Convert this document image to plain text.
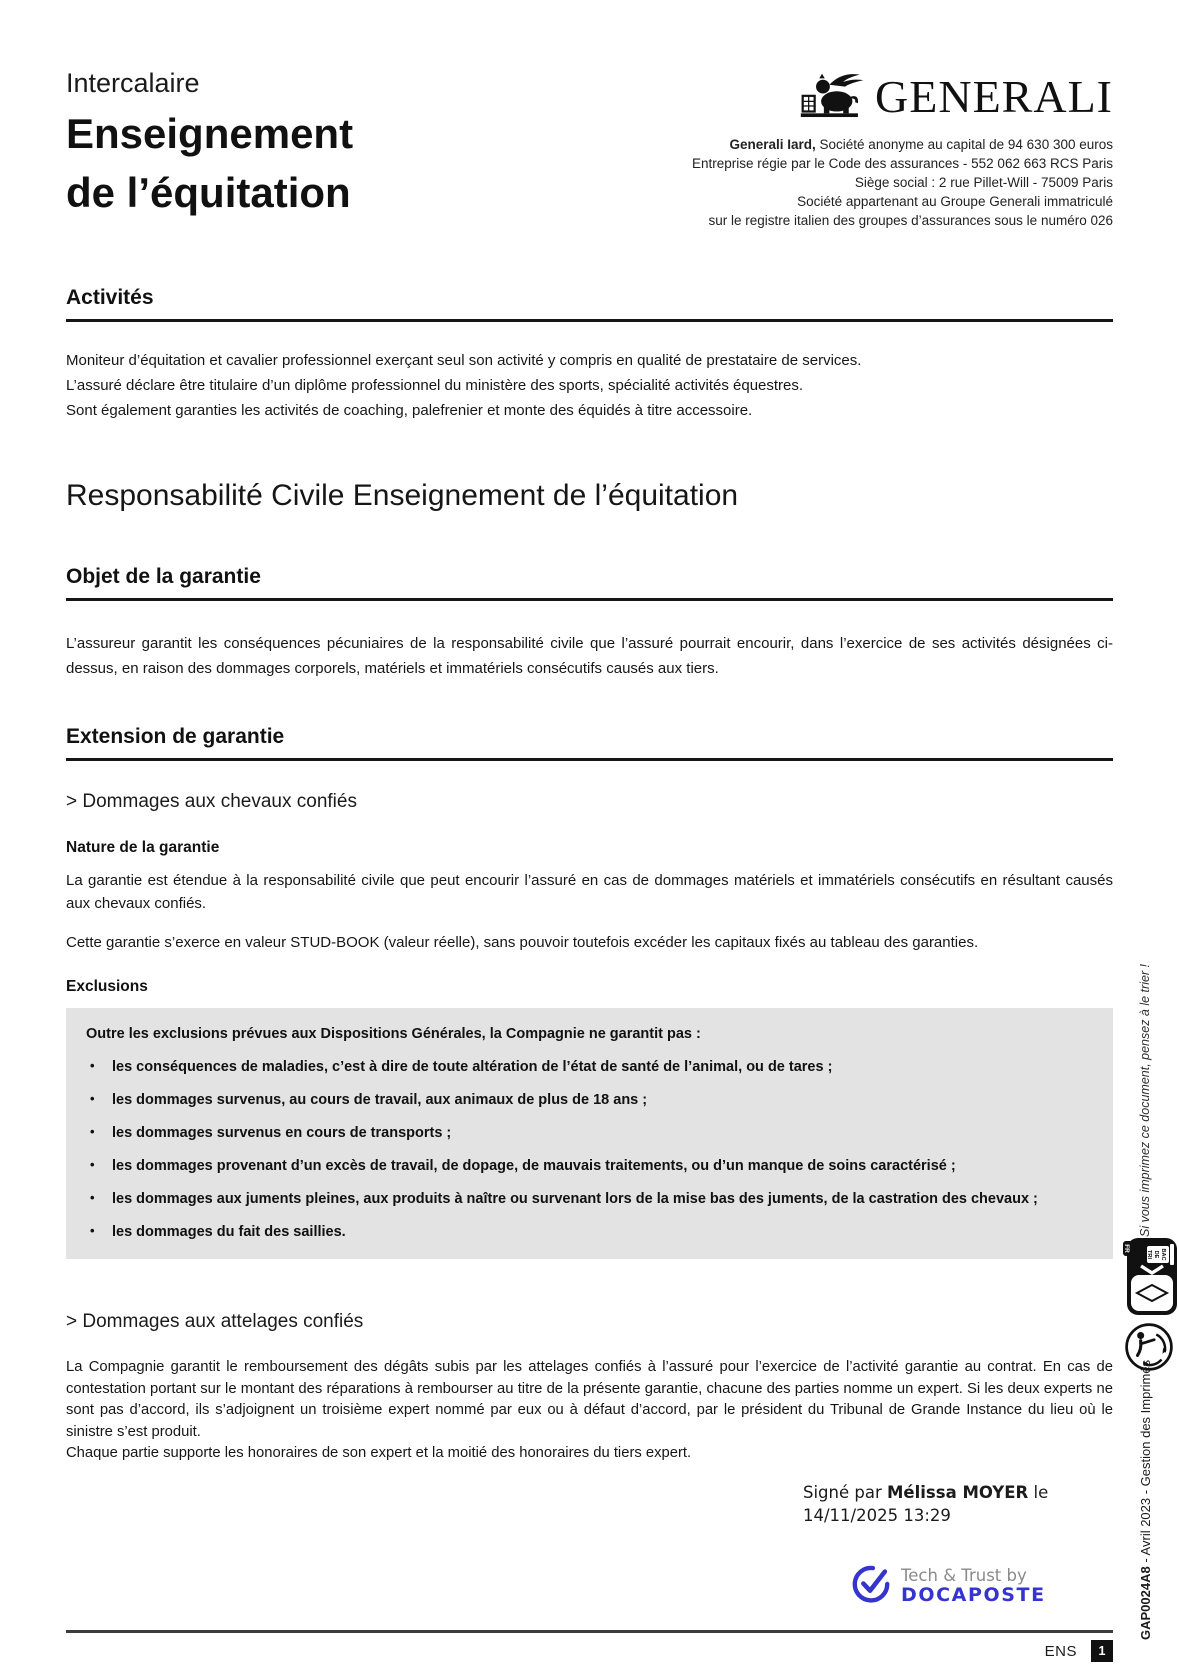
Intercalaire
Enseignement
de l’équitation
GENERALI
Generali Iard, Société anonyme au capital de 94 630 300 euros
Entreprise régie par le Code des assurances - 552 062 663 RCS Paris
Siège social : 2 rue Pillet-Will - 75009 Paris
Société appartenant au Groupe Generali immatriculé
sur le registre italien des groupes d’assurances sous le numéro 026
Activités
Moniteur d’équitation et cavalier professionnel exerçant seul son activité y compris en qualité de prestataire de services.
L’assuré déclare être titulaire d’un diplôme professionnel du ministère des sports, spécialité activités équestres.
Sont également garanties les activités de coaching, palefrenier et monte des équidés à titre accessoire.
Responsabilité Civile Enseignement de l’équitation
Objet de la garantie

L’assureur garantit les conséquences pécuniaires de la responsabilité civile que l’assuré pourrait encourir, dans l’exercice de ses activités désignées ci-dessus, en raison des dommages corporels, matériels et immatériels consécutifs causés aux tiers.

Extension de garantie
> Dommages aux chevaux confiés
Nature de la garantie

La garantie est étendue à la responsabilité civile que peut encourir l’assuré en cas de dommages matériels et immatériels consécutifs en résultant causés aux chevaux confiés.

Cette garantie s’exerce en valeur STUD-BOOK (valeur réelle), sans pouvoir toutefois excéder les capitaux fixés au tableau des garanties.

Exclusions
Outre les exclusions prévues aux Dispositions Générales, la Compagnie ne garantit pas :
• les conséquences de maladies, c’est à dire de toute altération de l’état de santé de l’animal, ou de tares ;
• les dommages survenus, au cours de travail, aux animaux de plus de 18 ans ;
• les dommages survenus en cours de transports ;
• les dommages provenant d’un excès de travail, de dopage, de mauvais traitements, ou d’un manque de soins caractérisé ;
• les dommages aux juments pleines, aux produits à naître ou survenant lors de la mise bas des juments, de la castration des chevaux ;
• les dommages du fait des saillies.
> Dommages aux attelages confiés

La Compagnie garantit le remboursement des dégâts subis par les attelages confiés à l’assuré pour l’exercice de l’activité garantie au contrat. En cas de contestation portant sur le montant des réparations à rembourser au titre de la présente garantie, chacune des parties nomme un expert. Si les deux experts ne sont pas d’accord, ils s’adjoignent un troisième expert nommé par eux ou à défaut d’accord, par le président du Tribunal de Grande Instance du lieu où le sinistre s’est produit.

Chaque partie supporte les honoraires de son expert et la moitié des honoraires du tiers expert.

Signé par Mélissa MOYER le
14/11/2025 13:29
Tech & Trust by
DOCAPOSTE
Si vous imprimez ce document, pensez à le trier !
BAC
DE
TRI
FR
GAP0024A8 - Avril 2023 - Gestion des Imprimés
ENS	1
